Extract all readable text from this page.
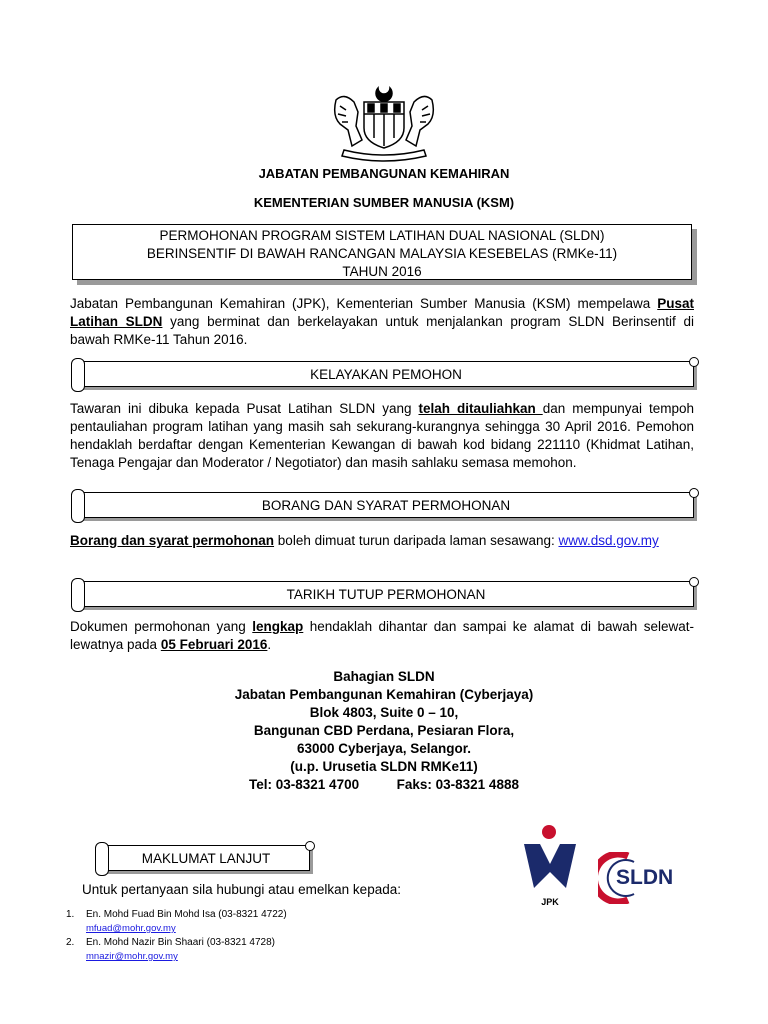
JABATAN PEMBANGUNAN KEMAHIRAN
KEMENTERIAN SUMBER MANUSIA (KSM)
PERMOHONAN PROGRAM SISTEM LATIHAN DUAL NASIONAL (SLDN)
BERINSENTIF DI BAWAH RANCANGAN MALAYSIA KESEBELAS (RMKe-11)
TAHUN 2016
Jabatan Pembangunan Kemahiran (JPK), Kementerian Sumber Manusia (KSM) mempelawa Pusat Latihan SLDN yang berminat dan berkelayakan untuk menjalankan program SLDN Berinsentif di bawah RMKe-11 Tahun 2016.
KELAYAKAN PEMOHON
Tawaran ini dibuka kepada Pusat Latihan SLDN yang telah ditauliahkan dan mempunyai tempoh pentauliahan program latihan yang masih sah sekurang-kurangnya sehingga 30 April 2016. Pemohon hendaklah berdaftar dengan Kementerian Kewangan di bawah kod bidang 221110 (Khidmat Latihan, Tenaga Pengajar dan Moderator / Negotiator) dan masih sahlaku semasa memohon.
BORANG DAN SYARAT PERMOHONAN
Borang dan syarat permohonan boleh dimuat turun daripada laman sesawang: www.dsd.gov.my
TARIKH TUTUP PERMOHONAN
Dokumen permohonan yang lengkap hendaklah dihantar dan sampai ke alamat di bawah selewat-lewatnya pada 05 Februari 2016.
Bahagian SLDN
Jabatan Pembangunan Kemahiran (Cyberjaya)
Blok 4803, Suite 0 – 10,
Bangunan CBD Perdana, Pesiaran Flora,
63000 Cyberjaya, Selangor.
(u.p. Urusetia SLDN RMKe11)
Tel: 03-8321 4700	Faks: 03-8321 4888
MAKLUMAT LANJUT
Untuk pertanyaan sila hubungi atau emelkan kepada:
1.	En. Mohd Fuad Bin Mohd Isa (03-8321 4722)
mfuad@mohr.gov.my
2.	En. Mohd Nazir Bin Shaari (03-8321 4728)
mnazir@mohr.gov.my
JPK
SLDN
